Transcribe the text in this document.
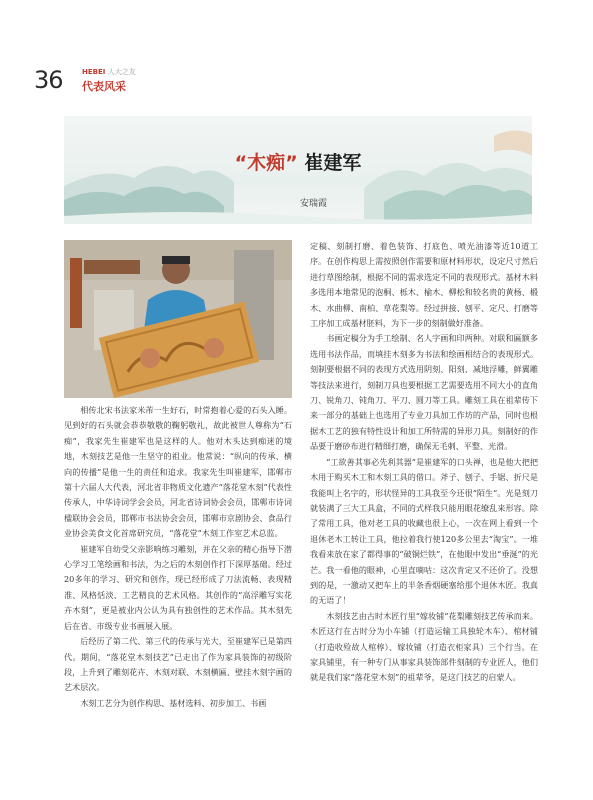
36	HEBEI 人大之友
代表风采
“木痴” 崔建军
安瑞霞

相传北宋书法家米芾一生好石，时常抱着心爱的石头入睡。见到好的石头就会恭恭敬敬的鞠躬敬礼，故此被世人尊称为“石痴”，我家先生崔建军也是这样的人。他对木头达到痴迷的境地，木刻技艺是他一生坚守的祖业。他常说：“纵向的传承、横向的传播”是他一生的责任和追求。我家先生叫崔建军，邯郸市第十六届人大代表，河北省非物质文化遗产“落花堂木刻”代表性传承人，中华诗词学会会员，河北省诗词协会会员，邯郸市诗词楹联协会会员，邯郸市书法协会会员，邯郸市京剧协会、食品行业协会美食文化首席研究员，“落花堂”木刻工作室艺术总监。

崔建军自幼受父亲影响练习雕刻，并在父亲的精心指导下潜心学习工笔绘画和书法，为之后的木刻创作打下深厚基础。经过20多年的学习、研究和创作，现已经形成了刀法流畅、表现精准、风格恬淡、工艺精良的艺术风格。其创作的“高浮雕写实花卉木刻”，更是被业内公认为具有独创性的艺术作品。其木刻先后在省、市级专业书画展入展。

后经历了第二代、第三代的传承与光大，至崔建军已是第四代。期间，“落花堂木刻技艺”已走出了作为家具装饰的初级阶段，上升到了雕刻花卉、木刻对联、木刻横匾、壁挂木刻字画的艺术层次。

木刻工艺分为创作构思、基材选料、初步加工、书画

定稿、刻制打磨、着色装饰、打底色、喷光油漆等近10道工序。在创作构思上需按照创作需要和原材料形状，设定尺寸然后进行草图绘制，根据不同的需求选定不同的表现形式。基材木料多选用本地常见的泡桐、栎木、榆木、柳松和较名贵的黄杨、椴木、水曲柳、南柏、草花梨等。经过拼接、刨平、定尺、打磨等工序加工成基材胚料，为下一步的刻制做好准备。

书画定稿分为手工绘制、名人字画和印两种。对联和匾额多选用书法作品，而填挂木刻多为书法和绘画相结合的表现形式。刻制要根据不同的表现方式选用阴刻、阳刻、减地浮雕，鲜翼雕等技法来进行，刻制刀具也要根据工艺需要选用不同大小的直角刀、锐角刀、钝角刀、平刀、圆刀等工具。雕刻工具在祖辈传下来一部分的基础上也选用了专业刀具加工作坊的产品，同时也根据木工艺的独有特性设计和加工所特需的异形刀具。刻制好的作品要于磨砂布进行精细打磨，确保无毛刺、平整、光滑。

“工欲善其事必先利其器”是崔建军的口头禅，也是他大把把木用于购买木工和木刻工具的借口。斧子、刨子、手锯、折尺是我能叫上名字的，形状怪异的工具我至今还很“陌生”。光是刻刀就装满了三大工具盒，不同的式样我只能用眼花缭乱来形容。除了常用工具，他对老工具的收藏也很上心，一次在网上看到一个退休老木工转让工具，他拉着我行使120多公里去“淘宝”。一堆我看来放在家了都得事的“破铜烂铁”，在他眼中发出“垂涎”的光芒。我一看他的眼神，心里直嘀咕：这次肯定又不还价了。没想到的是，一激动又把车上的半条香烟硬塞给那个退休木匠。我真的无语了！

木刻技艺由古时木匠行里“嫁妆铺”花梨雕刻技艺传承而来。木匠这行在古时分为小车铺（打造运输工具独轮木车）、棺材铺（打造收殓故人棺椁）、嫁妆铺（打造衣柜家具）三个行当。在家具铺里，有一种专门从事家具装饰部件刻制的专业匠人，他们就是我们家“落花堂木刻”的祖辈爷，是这门技艺的启蒙人。
